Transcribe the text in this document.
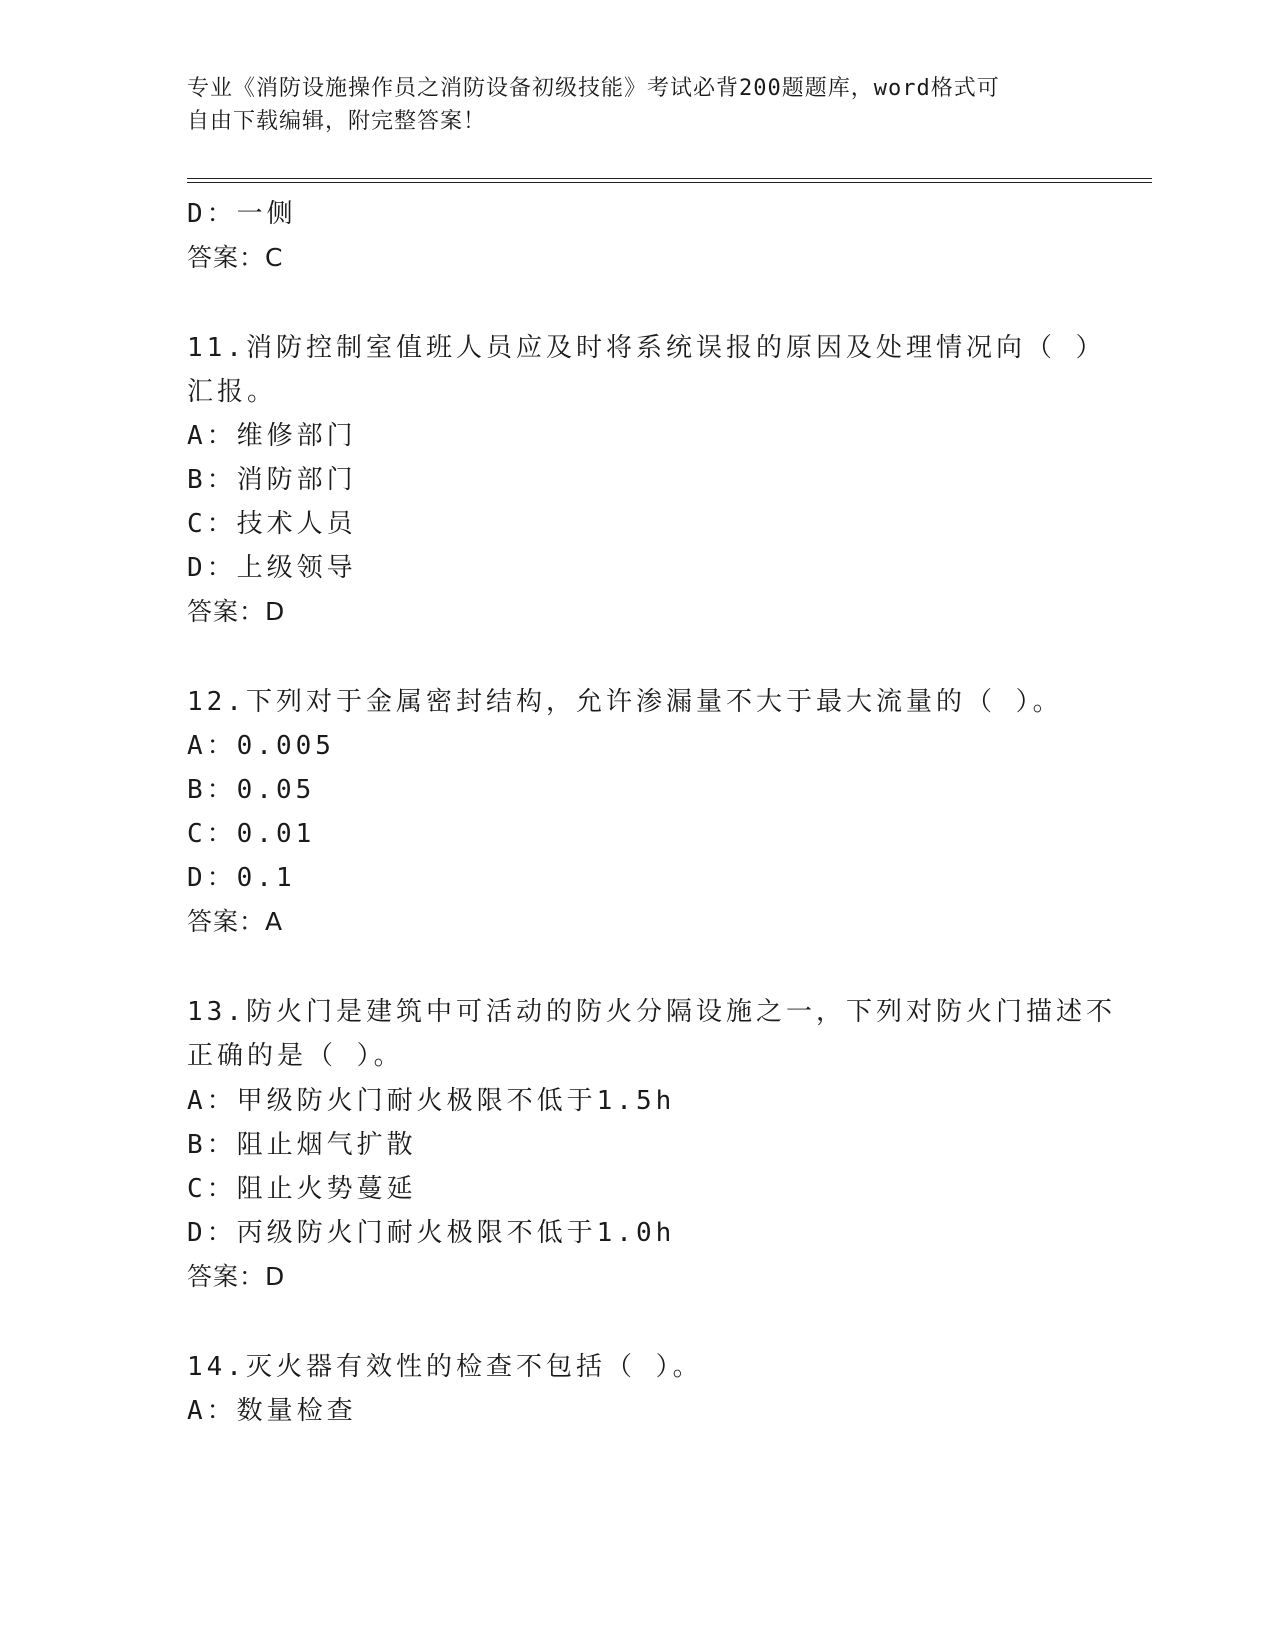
专业《消防设施操作员之消防设备初级技能》考试必背200题题库，word格式可
自由下载编辑，附完整答案！
D：一侧
答案：C
11.消防控制室值班人员应及时将系统误报的原因及处理情况向（ ）
汇报。
A：维修部门
B：消防部门
C：技术人员
D：上级领导
答案：D
12.下列对于金属密封结构，允许渗漏量不大于最大流量的（ ）。
A：0.005
B：0.05
C：0.01
D：0.1
答案：A
13.防火门是建筑中可活动的防火分隔设施之一，下列对防火门描述不
正确的是（ ）。
A：甲级防火门耐火极限不低于1.5h
B：阻止烟气扩散
C：阻止火势蔓延
D：丙级防火门耐火极限不低于1.0h
答案：D
14.灭火器有效性的检查不包括（ ）。
A：数量检查
